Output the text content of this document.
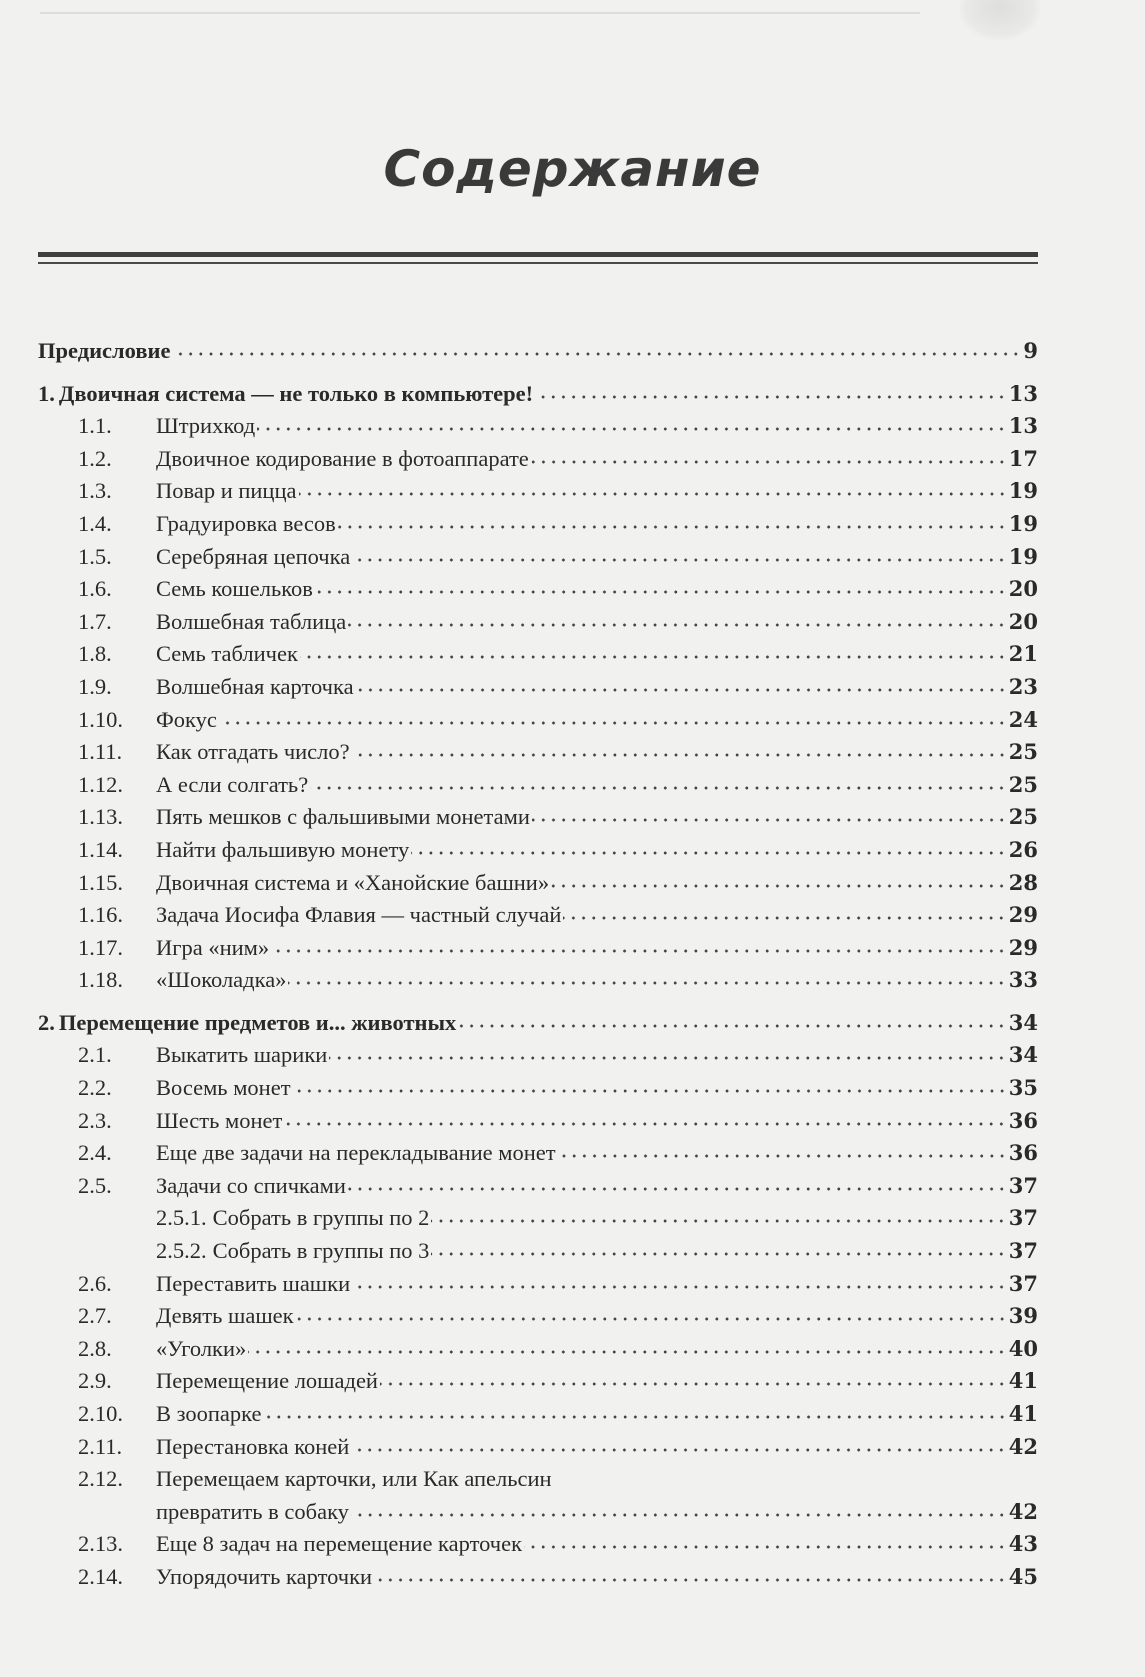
Содержание
Предисловие	9
1. Двоичная система — не только в компьютере!	13
1.1.	Штрихкод	13
1.2.	Двоичное кодирование в фотоаппарате	17
1.3.	Повар и пицца	19
1.4.	Градуировка весов	19
1.5.	Серебряная цепочка	19
1.6.	Семь кошельков	20
1.7.	Волшебная таблица	20
1.8.	Семь табличек	21
1.9.	Волшебная карточка	23
1.10.	Фокус	24
1.11.	Как отгадать число?	25
1.12.	А если солгать?	25
1.13.	Пять мешков с фальшивыми монетами	25
1.14.	Найти фальшивую монету	26
1.15.	Двоичная система и «Ханойские башни»	28
1.16.	Задача Иосифа Флавия — частный случай	29
1.17.	Игра «ним»	29
1.18.	«Шоколадка»	33
2. Перемещение предметов и... животных	34
2.1.	Выкатить шарики	34
2.2.	Восемь монет	35
2.3.	Шесть монет	36
2.4.	Еще две задачи на перекладывание монет	36
2.5.	Задачи со спичками	37
2.5.1. Собрать в группы по 2	37
2.5.2. Собрать в группы по 3	37
2.6.	Переставить шашки	37
2.7.	Девять шашек	39
2.8.	«Уголки»	40
2.9.	Перемещение лошадей	41
2.10.	В зоопарке	41
2.11.	Перестановка коней	42
2.12.	Перемещаем карточки, или Как апельсин
превратить в собаку	42
2.13.	Еще 8 задач на перемещение карточек	43
2.14.	Упорядочить карточки	45
